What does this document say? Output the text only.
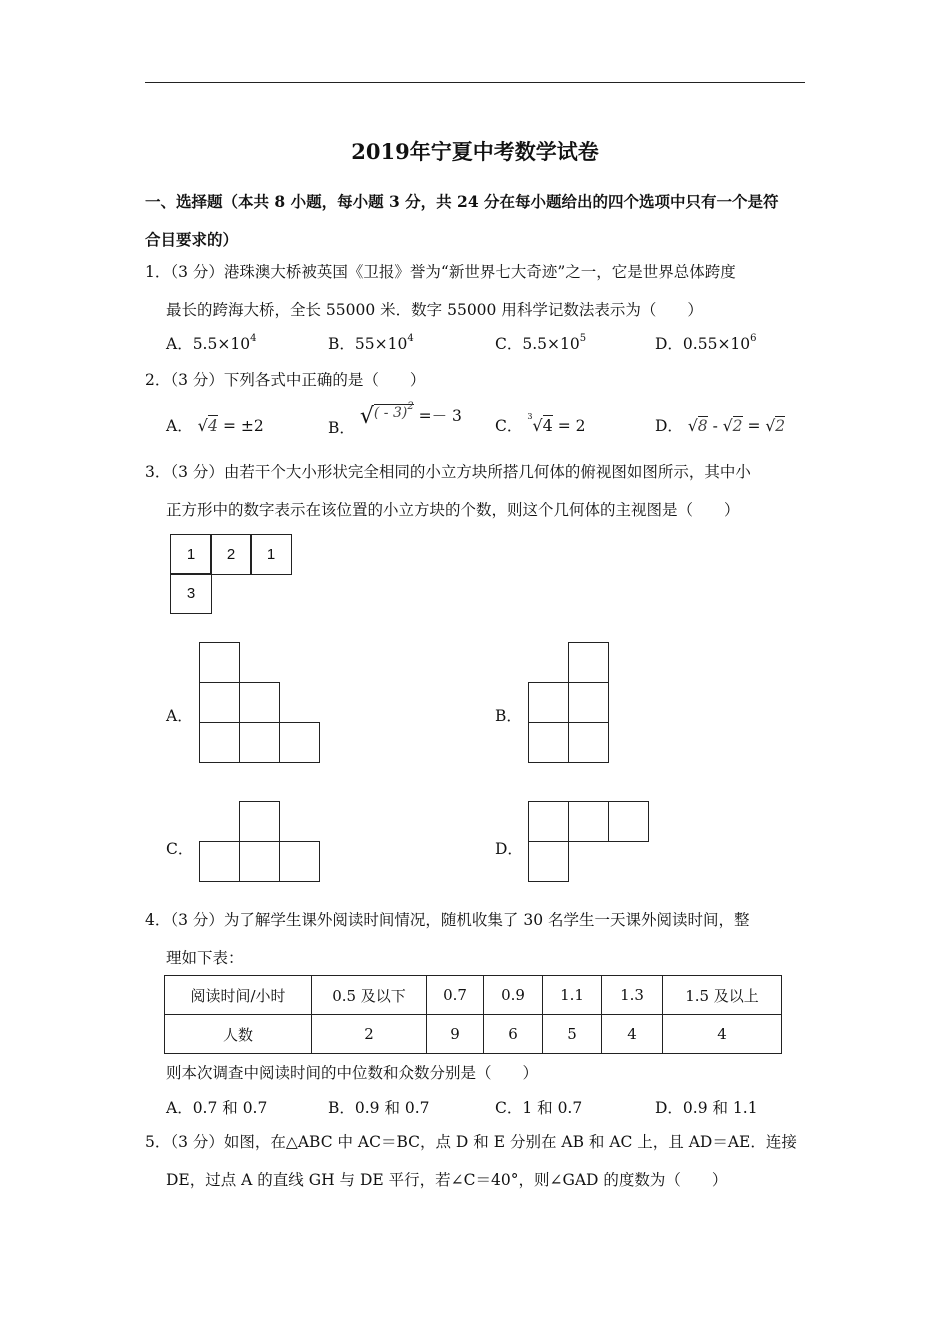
2019年宁夏中考数学试卷
一、选择题（本共 8 小题，每小题 3 分，共 24 分在每小题给出的四个选项中只有一个是符
合目要求的）
1．（3 分）港珠澳大桥被英国《卫报》誉为“新世界七大奇迹”之一，它是世界总体跨度
最长的跨海大桥，全长 55000 米．数字 55000 用科学记数法表示为（　　）
A．$5.5\times 10^4$	B．$55\times 10^4$	C．$5.5\times 10^5$	D．$0.55\times 10^6$
2．（3 分）下列各式中正确的是（　　）
A． √4 = ±2	B． √$^{( - 3)^2}$ =－ 3
C． $^3$√4 = 2	D． √8 - √2 = √2
3．（3 分）由若干个大小形状完全相同的小立方块所搭几何体的俯视图如图所示，其中小
正方形中的数字表示在该位置的小立方块的个数，则这个几何体的主视图是（　　）
1	2	1
3
A．	B．
C．	D．
4．（3 分）为了解学生课外阅读时间情况，随机收集了 30 名学生一天课外阅读时间，整
理如下表：
阅读时间/小时	0.5 及以下	0.7	0.9	1.1	1.3	1.5 及以上
人数	2	9	6	5	4	4
则本次调查中阅读时间的中位数和众数分别是（　　）
A．0.7 和 0.7	B．0.9 和 0.7	C．1 和 0.7	D．0.9 和 1.1
5．（3 分）如图，在△ABC 中 AC＝BC，点 D 和 E 分别在 AB 和 AC 上，且 AD＝AE．连接
DE，过点 A 的直线 GH 与 DE 平行，若∠C＝40°，则∠GAD 的度数为（　　）
